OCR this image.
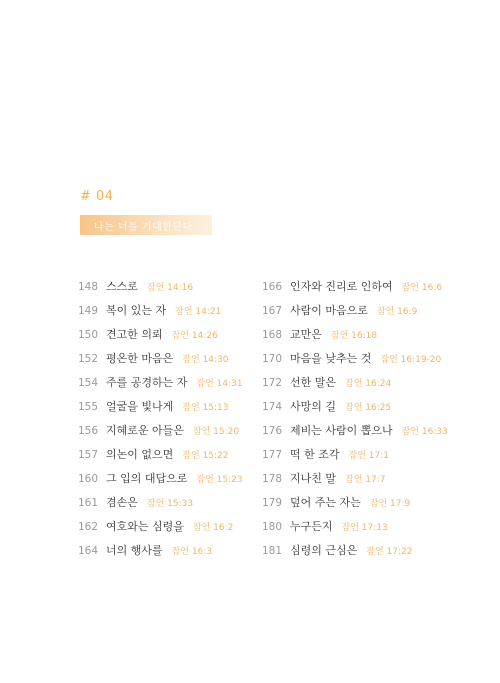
# 04
나는 너를 기대한단다
148 스스로 잠언 14:16
149 복이 있는 자 잠언 14:21
150 견고한 의뢰 잠언 14:26
152 평온한 마음은 잠언 14:30
154 주를 공경하는 자 잠언 14:31
155 얼굴을 빛나게 잠언 15:13
156 지혜로운 아들은 잠언 15:20
157 의논이 없으면 잠언 15:22
160 그 입의 대답으로 잠언 15:23
161 겸손은 잠언 15:33
162 여호와는 심령을 잠언 16:2
164 너의 행사를 잠언 16:3
166 인자와 진리로 인하여 잠언 16:6
167 사람이 마음으로 잠언 16:9
168 교만은 잠언 16:18
170 마음을 낮추는 것 잠언 16:19-20
172 선한 말은 잠언 16:24
174 사망의 길 잠언 16:25
176 제비는 사람이 뽑으나 잠언 16:33
177 떡 한 조각 잠언 17:1
178 지나친 말 잠언 17:7
179 덮어 주는 자는 잠언 17:9
180 누구든지 잠언 17:13
181 심령의 근심은 잠언 17:22
